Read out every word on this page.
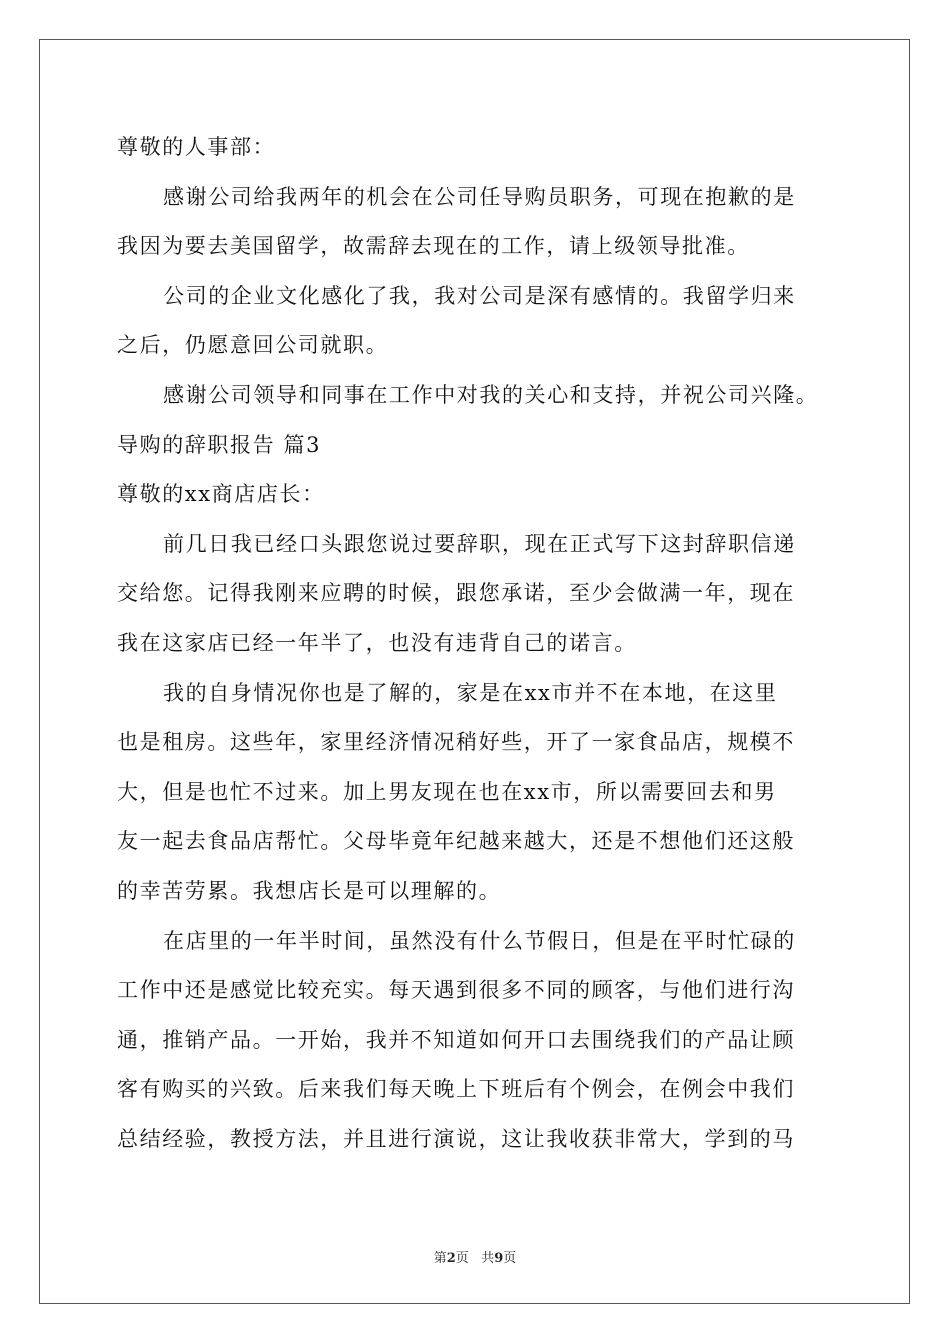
尊敬的人事部：
感谢公司给我两年的机会在公司任导购员职务，可现在抱歉的是
我因为要去美国留学，故需辞去现在的工作，请上级领导批准。
公司的企业文化感化了我，我对公司是深有感情的。我留学归来
之后，仍愿意回公司就职。
感谢公司领导和同事在工作中对我的关心和支持，并祝公司兴隆。
导购的辞职报告 篇3
尊敬的xx商店店长：
前几日我已经口头跟您说过要辞职，现在正式写下这封辞职信递
交给您。记得我刚来应聘的时候，跟您承诺，至少会做满一年，现在
我在这家店已经一年半了，也没有违背自己的诺言。
我的自身情况你也是了解的，家是在xx市并不在本地，在这里
也是租房。这些年，家里经济情况稍好些，开了一家食品店，规模不
大，但是也忙不过来。加上男友现在也在xx市，所以需要回去和男
友一起去食品店帮忙。父母毕竟年纪越来越大，还是不想他们还这般
的幸苦劳累。我想店长是可以理解的。
在店里的一年半时间，虽然没有什么节假日，但是在平时忙碌的
工作中还是感觉比较充实。每天遇到很多不同的顾客，与他们进行沟
通，推销产品。一开始，我并不知道如何开口去围绕我们的产品让顾
客有购买的兴致。后来我们每天晚上下班后有个例会，在例会中我们
总结经验，教授方法，并且进行演说，这让我收获非常大，学到的马
第2页 共9页
